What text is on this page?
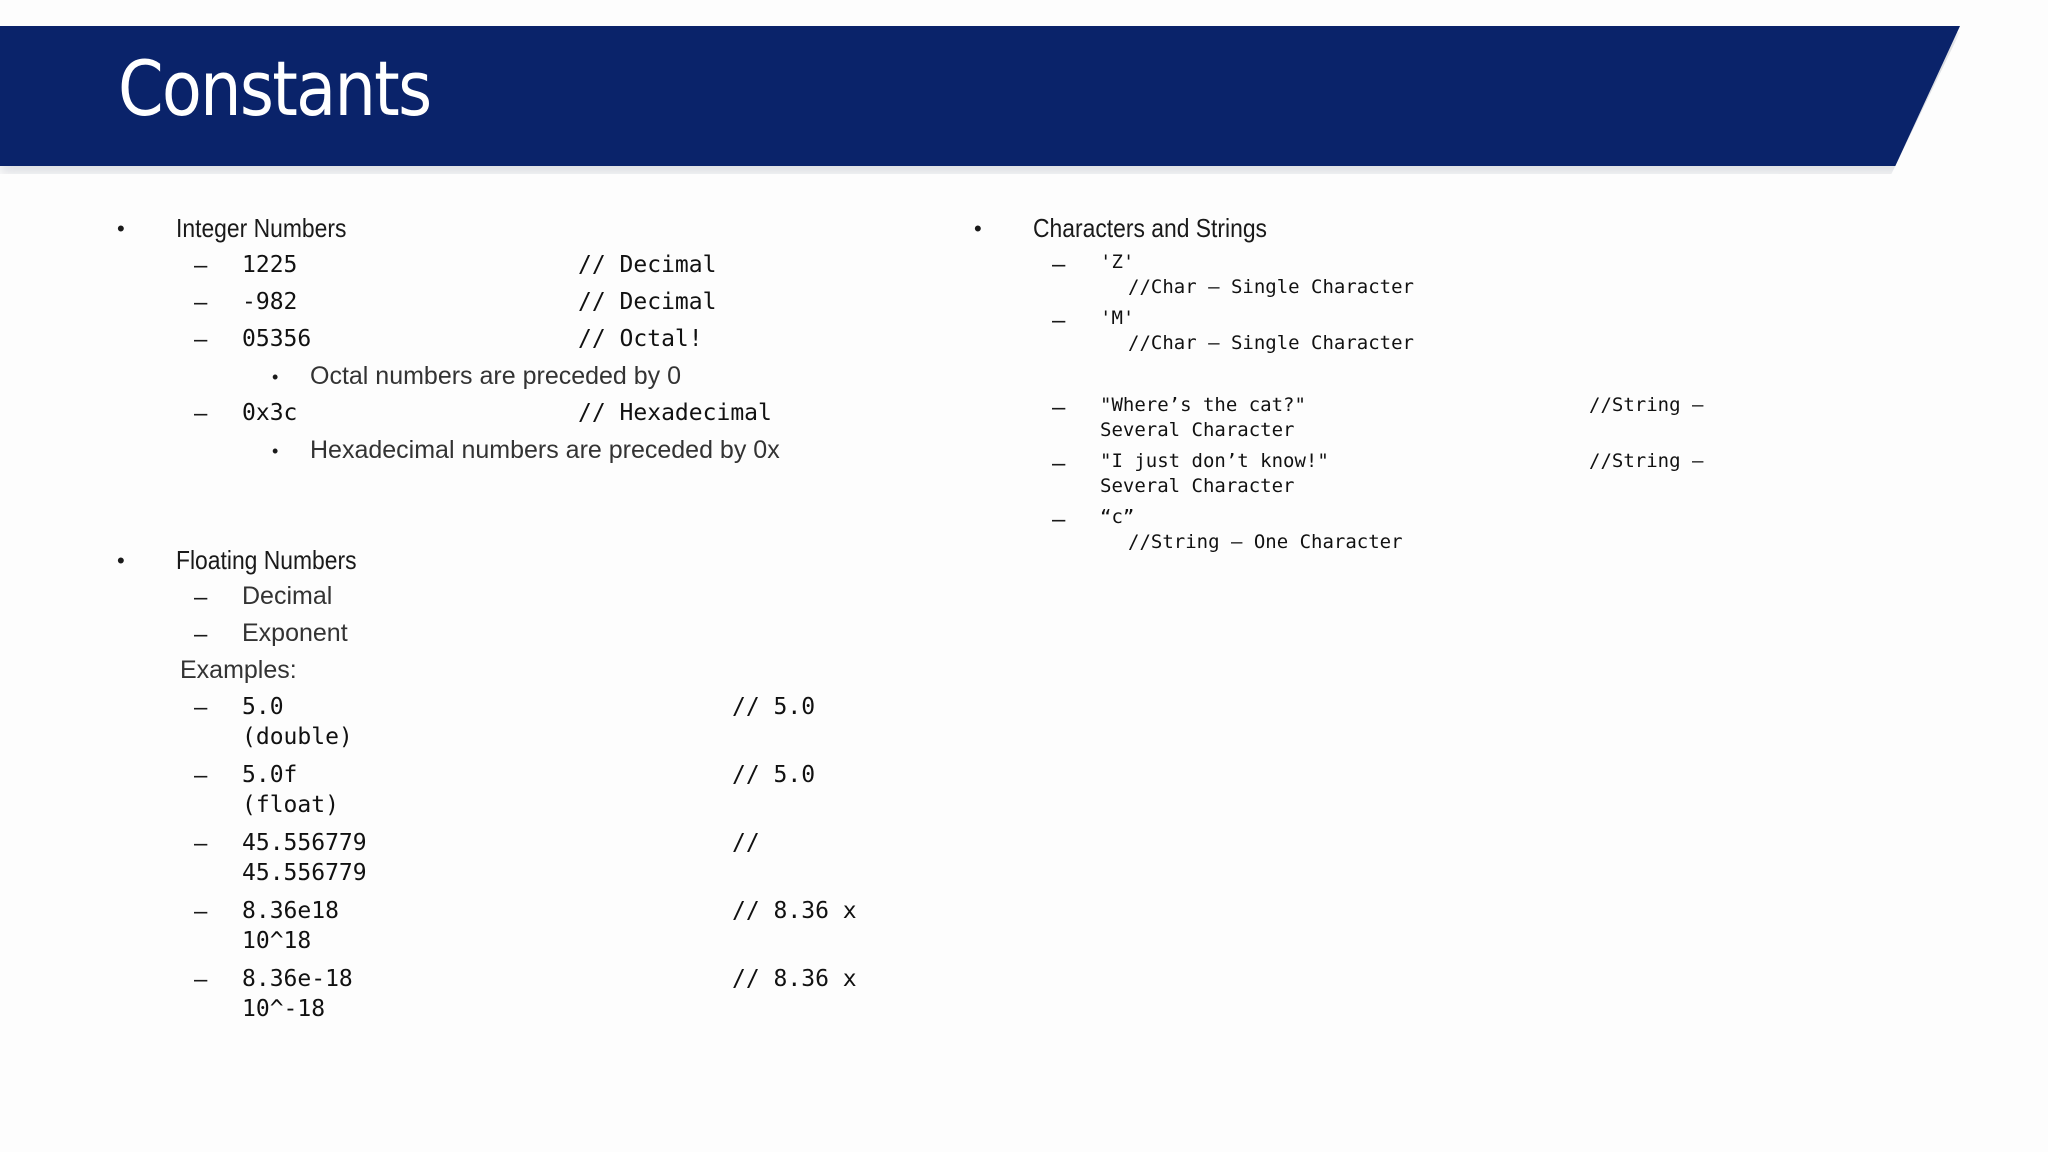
Constants
• Integer Numbers
– 1225	// Decimal
– -982	// Decimal
– 05356	// Octal!
• Octal numbers are preceded by 0
– 0x3c	// Hexadecimal
• Hexadecimal numbers are preceded by 0x
• Floating Numbers
– Decimal
– Exponent
Examples:
– 5.0	// 5.0
(double)
– 5.0f	// 5.0
(float)
– 45.556779	//
45.556779
– 8.36e18	// 8.36 x
10^18
– 8.36e-18	// 8.36 x
10^-18
• Characters and Strings
– 'Z'
//Char – Single Character
– 'M'
//Char – Single Character
– "Where’s the cat?"	//String –
Several Character
– "I just don’t know!"	//String –
Several Character
– “c”
//String – One Character
